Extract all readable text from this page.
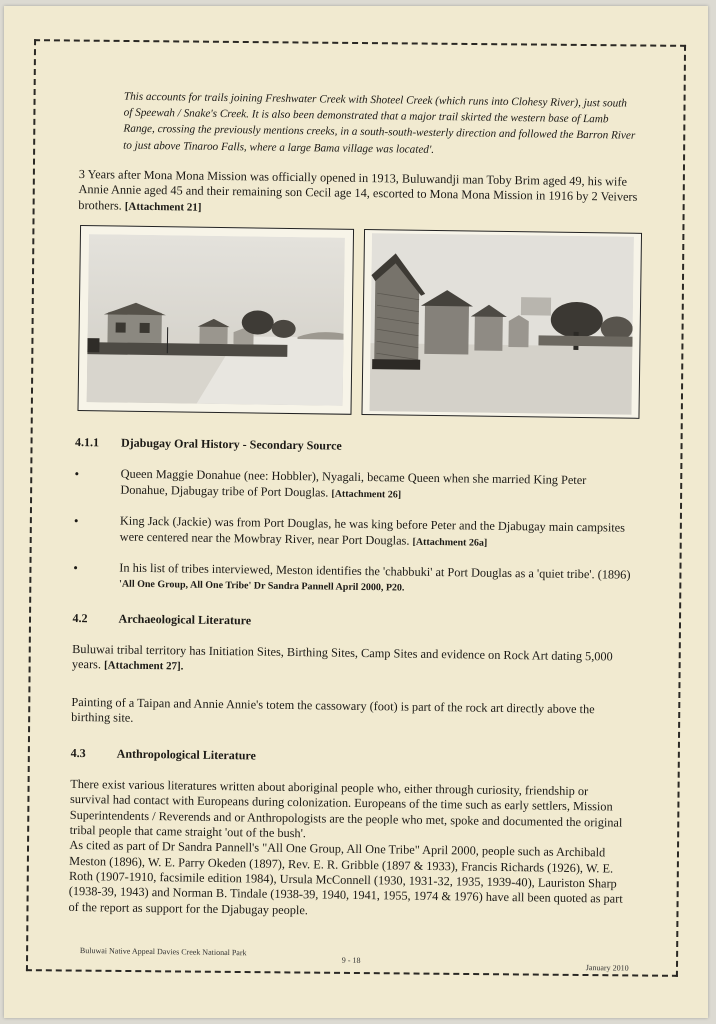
This accounts for trails joining Freshwater Creek with Shoteel Creek (which runs into Clohesy River), just south of Speewah / Snake's Creek. It is also been demonstrated that a major trail skirted the western base of Lamb Range, crossing the previously mentions creeks, in a south-south-westerly direction and followed the Barron River to just above Tinaroo Falls, where a large Bama village was located'.

3 Years after Mona Mona Mission was officially opened in 1913, Buluwandji man Toby Brim aged 49, his wife Annie Annie aged 45 and their remaining son Cecil age 14, escorted to Mona Mona Mission in 1916 by 2 Veivers brothers. [Attachment 21]

4.1.1	Djabugay Oral History - Secondary Source
•	Queen Maggie Donahue (nee: Hobbler), Nyagali, became Queen when she married King Peter Donahue, Djabugay tribe of Port Douglas. [Attachment 26]

•	King Jack (Jackie) was from Port Douglas, he was king before Peter and the Djabugay main campsites were centered near the Mowbray River, near Port Douglas. [Attachment 26a]

•	In his list of tribes interviewed, Meston identifies the 'chabbuki' at Port Douglas as a 'quiet tribe'. (1896) 'All One Group, All One Tribe' Dr Sandra Pannell April 2000, P20.

4.2	Archaeological Literature

Buluwai tribal territory has Initiation Sites, Birthing Sites, Camp Sites and evidence on Rock Art dating 5,000 years. [Attachment 27].

Painting of a Taipan and Annie Annie's totem the cassowary (foot) is part of the rock art directly above the birthing site.

4.3	Anthropological Literature

There exist various literatures written about aboriginal people who, either through curiosity, friendship or survival had contact with Europeans during colonization. Europeans of the time such as early settlers, Mission Superintendents / Reverends and or Anthropologists are the people who met, spoke and documented the original tribal people that came straight 'out of the bush'.

As cited as part of Dr Sandra Pannell's "All One Group, All One Tribe" April 2000, people such as Archibald Meston (1896), W. E. Parry Okeden (1897), Rev. E. R. Gribble (1897 & 1933), Francis Richards (1926), W. E. Roth (1907-1910, facsimile edition 1984), Ursula McConnell (1930, 1931-32, 1935, 1939-40), Lauriston Sharp (1938-39, 1943) and Norman B. Tindale (1938-39, 1940, 1941, 1955, 1974 & 1976) have all been quoted as part of the report as support for the Djabugay people.

Buluwai Native Appeal Davies Creek National Park
9 - 18
January 2010
